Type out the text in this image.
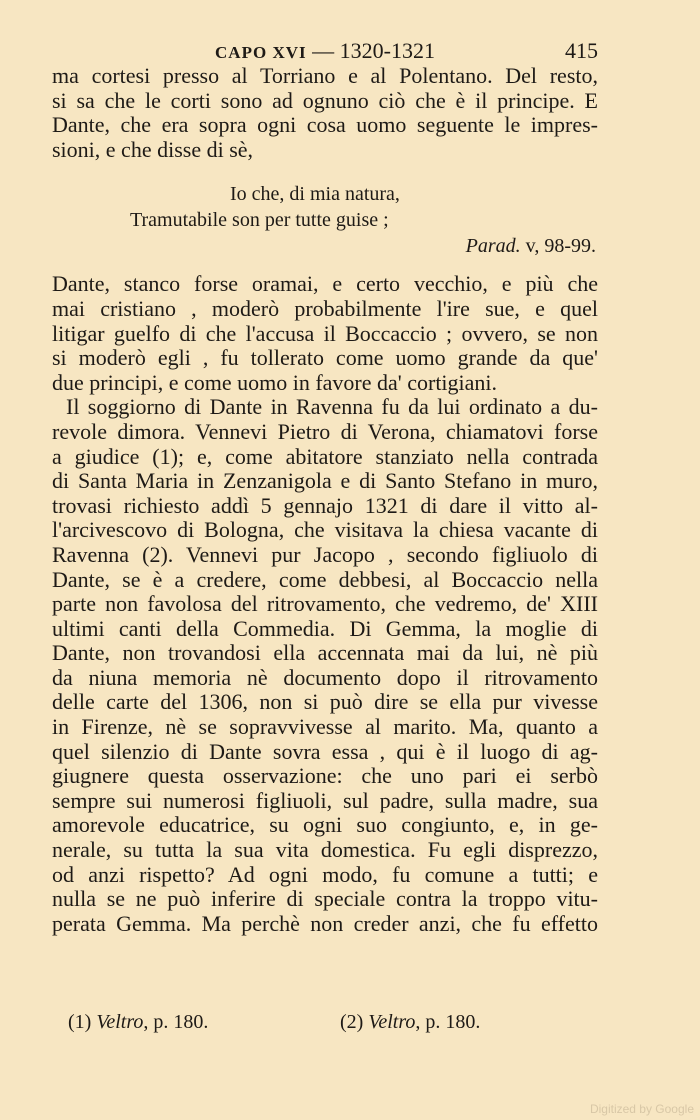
CAPO XVI — 1320-1321	415

ma cortesi presso al Torriano e al Polentano. Del resto,

si sa che le corti sono ad ognuno ciò che è il principe. E

Dante, che era sopra ogni cosa uomo seguente le impres-

sioni, e che disse di sè,

Io che, di mia natura,
Tramutabile son per tutte guise ;
Parad. v, 98-99.

Dante, stanco forse oramai, e certo vecchio, e più che

mai cristiano , moderò probabilmente l'ire sue, e quel

litigar guelfo di che l'accusa il Boccaccio ; ovvero, se non

si moderò egli , fu tollerato come uomo grande da que'

due principi, e come uomo in favore da' cortigiani.

Il soggiorno di Dante in Ravenna fu da lui ordinato a du-

revole dimora. Vennevi Pietro di Verona, chiamatovi forse

a giudice (1); e, come abitatore stanziato nella contrada

di Santa Maria in Zenzanigola e di Santo Stefano in muro,

trovasi richiesto addì 5 gennajo 1321 di dare il vitto al-

l'arcivescovo di Bologna, che visitava la chiesa vacante di

Ravenna (2). Vennevi pur Jacopo , secondo figliuolo di

Dante, se è a credere, come debbesi, al Boccaccio nella

parte non favolosa del ritrovamento, che vedremo, de' XIII

ultimi canti della Commedia. Di Gemma, la moglie di

Dante, non trovandosi ella accennata mai da lui, nè più

da niuna memoria nè documento dopo il ritrovamento

delle carte del 1306, non si può dire se ella pur vivesse

in Firenze, nè se sopravvivesse al marito. Ma, quanto a

quel silenzio di Dante sovra essa , qui è il luogo di ag-

giugnere questa osservazione: che uno pari ei serbò

sempre sui numerosi figliuoli, sul padre, sulla madre, sua

amorevole educatrice, su ogni suo congiunto, e, in ge-

nerale, su tutta la sua vita domestica. Fu egli disprezzo,

od anzi rispetto? Ad ogni modo, fu comune a tutti; e

nulla se ne può inferire di speciale contra la troppo vitu-

perata Gemma. Ma perchè non creder anzi, che fu effetto

(1) Veltro, p. 180.	(2) Veltro, p. 180.
Digitized by Google
